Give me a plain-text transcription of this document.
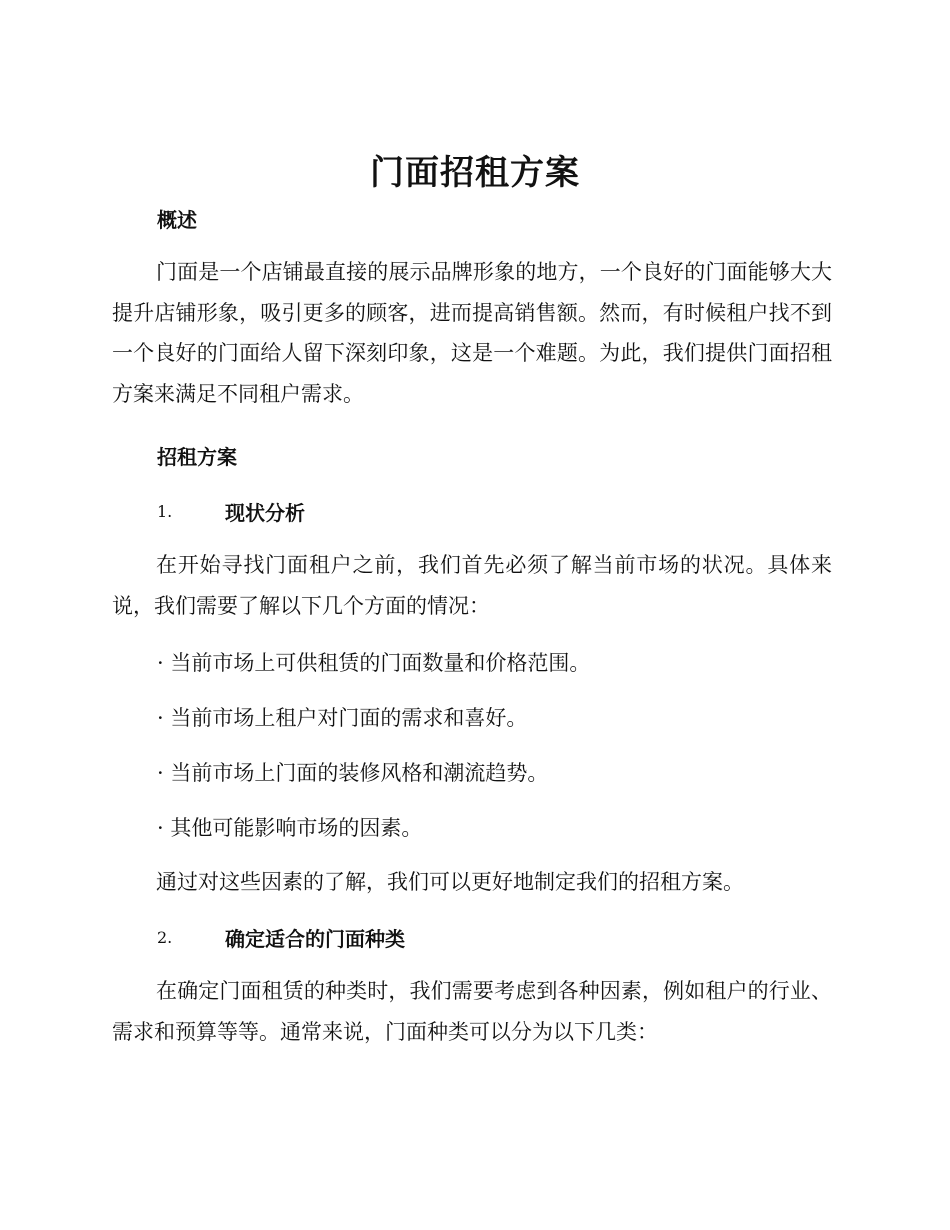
门面招租方案
概述
门面是一个店铺最直接的展示品牌形象的地方，一个良好的门面能够大大提升店铺形象，吸引更多的顾客，进而提高销售额。然而，有时候租户找不到一个良好的门面给人留下深刻印象，这是一个难题。为此，我们提供门面招租方案来满足不同租户需求。
招租方案
1.	现状分析
在开始寻找门面租户之前，我们首先必须了解当前市场的状况。具体来说，我们需要了解以下几个方面的情况：
· 当前市场上可供租赁的门面数量和价格范围。
· 当前市场上租户对门面的需求和喜好。
· 当前市场上门面的装修风格和潮流趋势。
· 其他可能影响市场的因素。
通过对这些因素的了解，我们可以更好地制定我们的招租方案。
2.	确定适合的门面种类
在确定门面租赁的种类时，我们需要考虑到各种因素，例如租户的行业、需求和预算等等。通常来说，门面种类可以分为以下几类：
